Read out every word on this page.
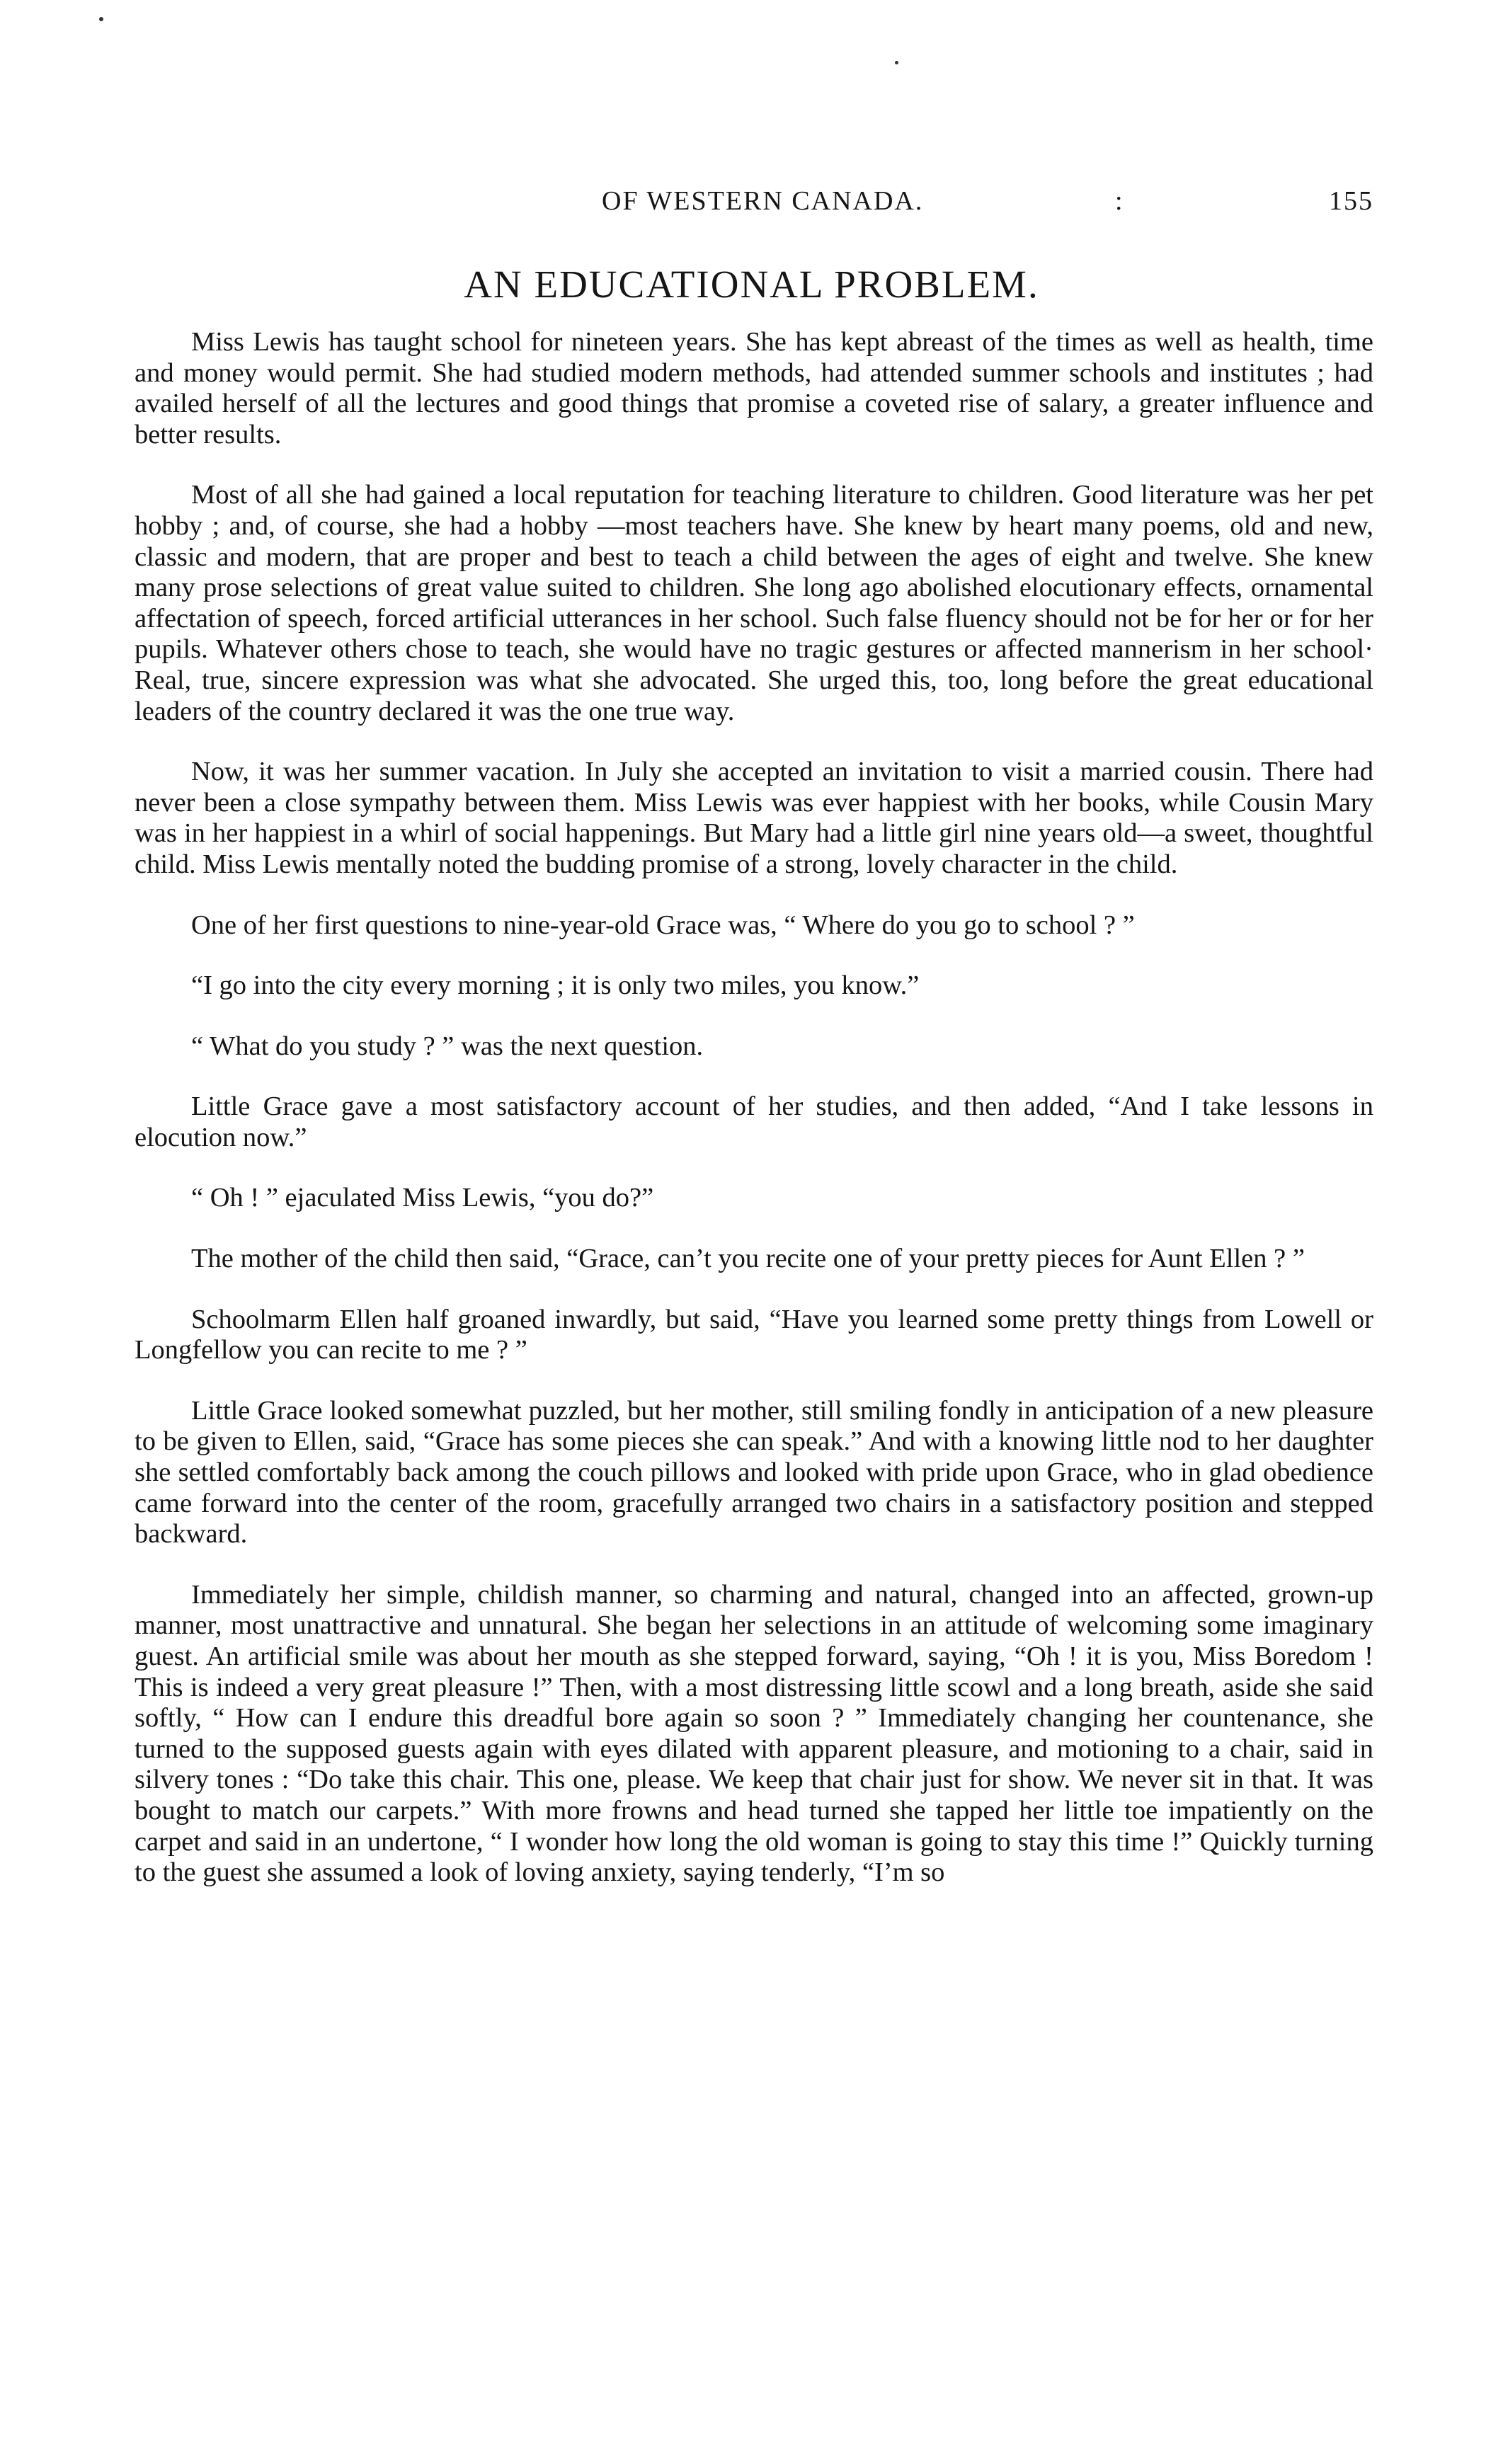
OF WESTERN CANADA.	:	155
AN EDUCATIONAL PROBLEM.

Miss Lewis has taught school for nineteen years. She has kept abreast of the times as well as health, time and money would permit. She had studied modern methods, had attended summer schools and institutes ; had availed herself of all the lectures and good things that promise a coveted rise of salary, a greater influence and better results.

Most of all she had gained a local reputation for teaching literature to children. Good literature was her pet hobby ; and, of course, she had a hobby —most teachers have. She knew by heart many poems, old and new, classic and modern, that are proper and best to teach a child between the ages of eight and twelve. She knew many prose selections of great value suited to children. She long ago abolished elocutionary effects, ornamental affectation of speech, forced artificial utterances in her school. Such false fluency should not be for her or for her pupils. Whatever others chose to teach, she would have no tragic gestures or affected mannerism in her school· Real, true, sincere expression was what she advocated. She urged this, too, long before the great educational leaders of the country declared it was the one true way.

Now, it was her summer vacation. In July she accepted an invitation to visit a married cousin. There had never been a close sympathy between them. Miss Lewis was ever happiest with her books, while Cousin Mary was in her happiest in a whirl of social happenings. But Mary had a little girl nine years old—a sweet, thoughtful child. Miss Lewis mentally noted the budding promise of a strong, lovely character in the child.

One of her first questions to nine-year-old Grace was, “ Where do you go to school ? ”

“I go into the city every morning ; it is only two miles, you know.”

“ What do you study ? ” was the next question.

Little Grace gave a most satisfactory account of her studies, and then added, “And I take lessons in elocution now.”

“ Oh ! ” ejaculated Miss Lewis, “you do?”

The mother of the child then said, “Grace, can’t you recite one of your pretty pieces for Aunt Ellen ? ”

Schoolmarm Ellen half groaned inwardly, but said, “Have you learned some pretty things from Lowell or Longfellow you can recite to me ? ”

Little Grace looked somewhat puzzled, but her mother, still smiling fondly in anticipation of a new pleasure to be given to Ellen, said, “Grace has some pieces she can speak.” And with a knowing little nod to her daughter she settled comfortably back among the couch pillows and looked with pride upon Grace, who in glad obedience came forward into the center of the room, gracefully arranged two chairs in a satisfactory position and stepped backward.

Immediately her simple, childish manner, so charming and natural, changed into an affected, grown-up manner, most unattractive and unnatural. She began her selections in an attitude of welcoming some imaginary guest. An artificial smile was about her mouth as she stepped forward, saying, “Oh ! it is you, Miss Boredom ! This is indeed a very great pleasure !” Then, with a most distressing little scowl and a long breath, aside she said softly, “ How can I endure this dreadful bore again so soon ? ” Immediately changing her countenance, she turned to the supposed guests again with eyes dilated with apparent pleasure, and motioning to a chair, said in silvery tones : “Do take this chair. This one, please. We keep that chair just for show. We never sit in that. It was bought to match our carpets.” With more frowns and head turned she tapped her little toe impatiently on the carpet and said in an undertone, “ I wonder how long the old woman is going to stay this time !” Quickly turning to the guest she assumed a look of loving anxiety, saying tenderly, “I’m so
